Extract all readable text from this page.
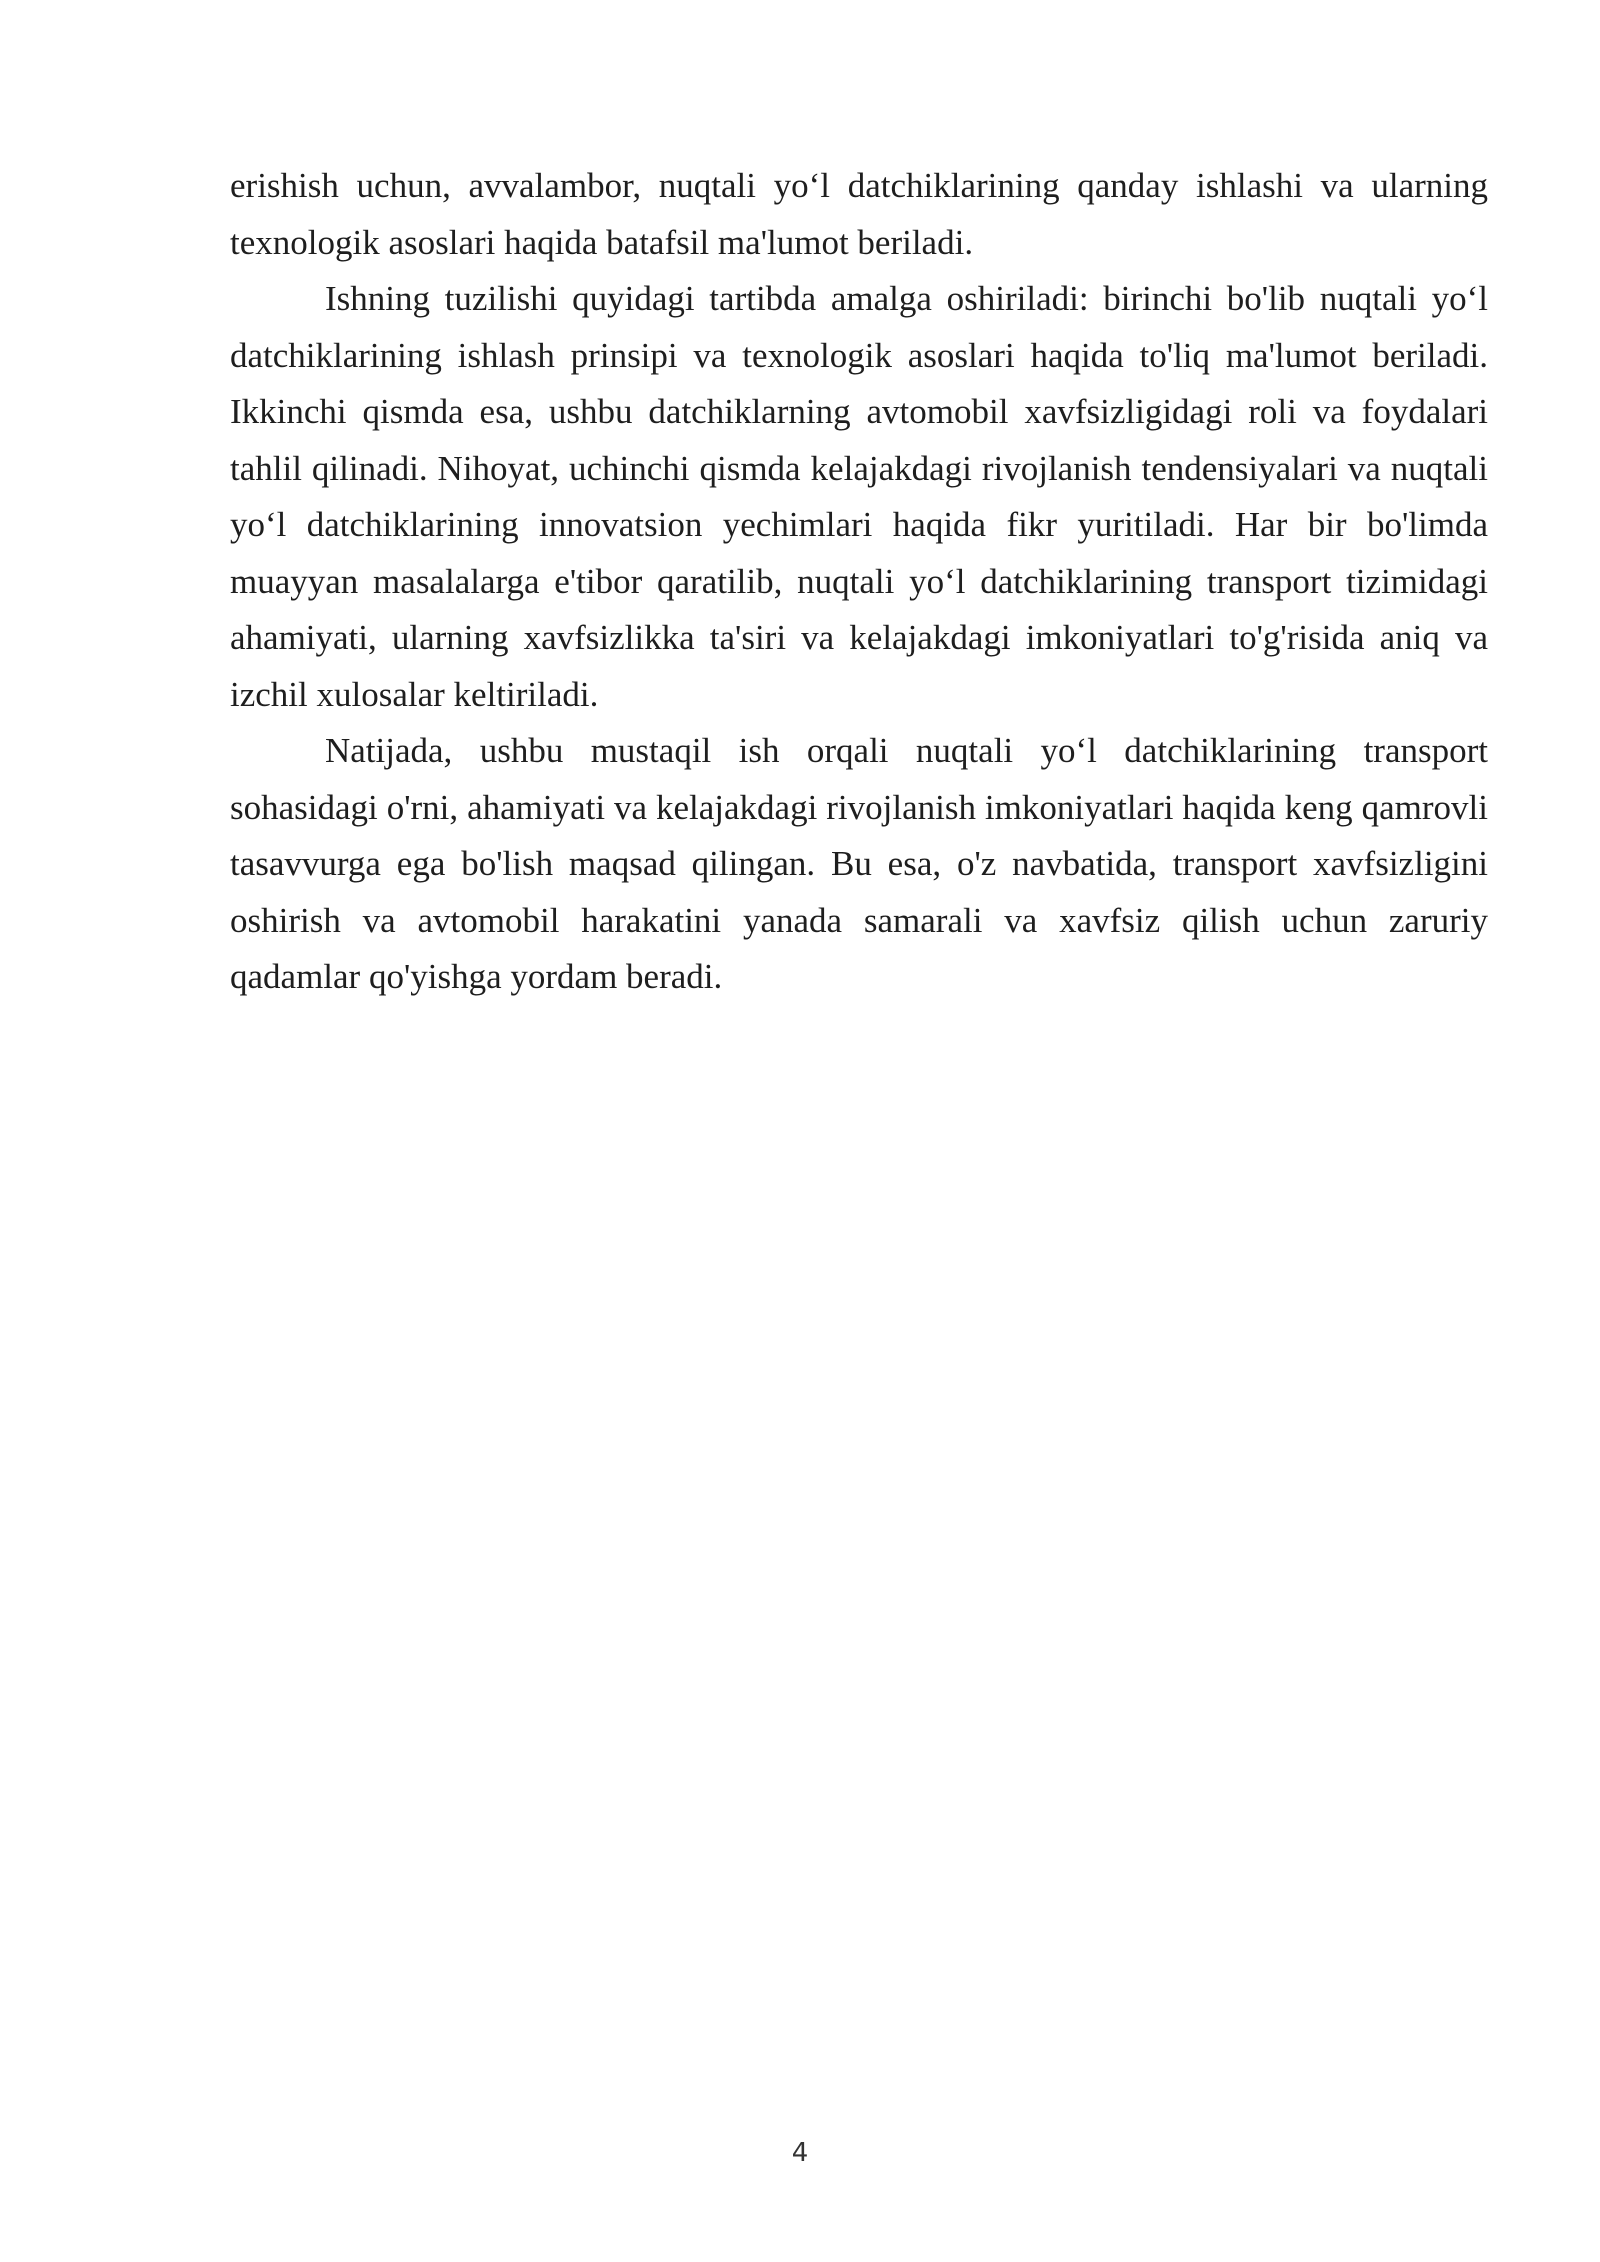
erishish uchun, avvalambor, nuqtali yo‘l datchiklarining qanday ishlashi va ularning texnologik asoslari haqida batafsil ma'lumot beriladi.

Ishning tuzilishi quyidagi tartibda amalga oshiriladi: birinchi bo'lib nuqtali yo‘l datchiklarining ishlash prinsipi va texnologik asoslari haqida to'liq ma'lumot beriladi. Ikkinchi qismda esa, ushbu datchiklarning avtomobil xavfsizligidagi roli va foydalari tahlil qilinadi. Nihoyat, uchinchi qismda kelajakdagi rivojlanish tendensiyalari va nuqtali yo‘l datchiklarining innovatsion yechimlari haqida fikr yuritiladi. Har bir bo'limda muayyan masalalarga e'tibor qaratilib, nuqtali yo‘l datchiklarining transport tizimidagi ahamiyati, ularning xavfsizlikka ta'siri va kelajakdagi imkoniyatlari to'g'risida aniq va izchil xulosalar keltiriladi.

Natijada, ushbu mustaqil ish orqali nuqtali yo‘l datchiklarining transport sohasidagi o'rni, ahamiyati va kelajakdagi rivojlanish imkoniyatlari haqida keng qamrovli tasavvurga ega bo'lish maqsad qilingan. Bu esa, o'z navbatida, transport xavfsizligini oshirish va avtomobil harakatini yanada samarali va xavfsiz qilish uchun zaruriy qadamlar qo'yishga yordam beradi.

4
